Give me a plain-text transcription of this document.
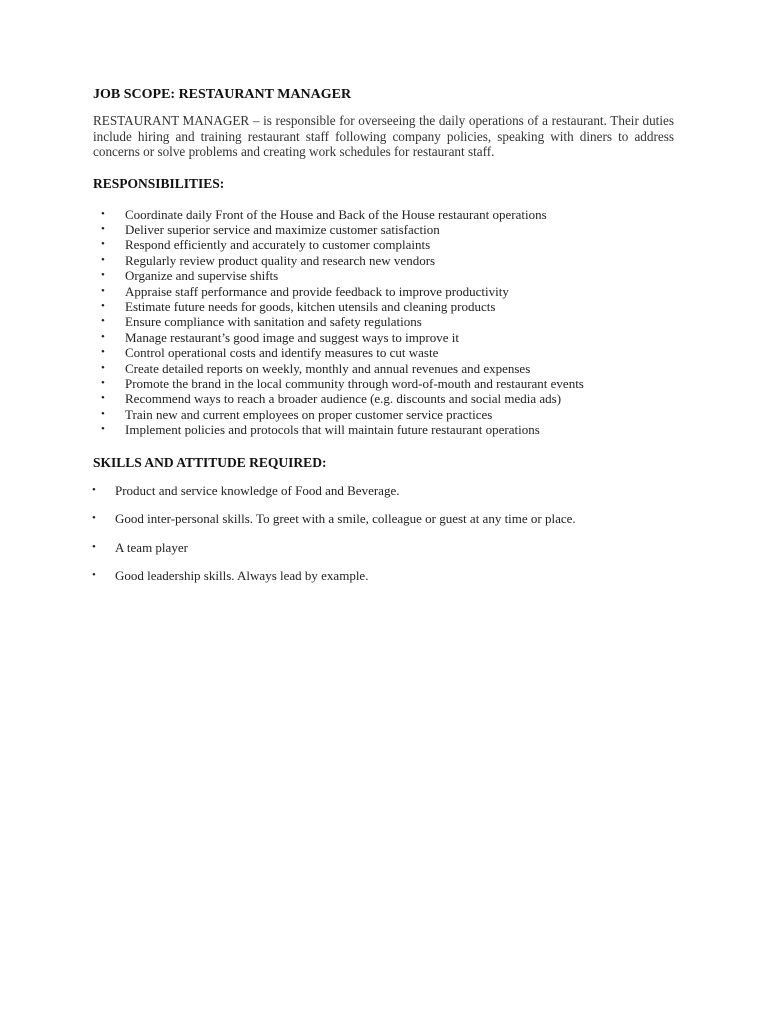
JOB SCOPE: RESTAURANT MANAGER

RESTAURANT MANAGER – is responsible for overseeing the daily operations of a restaurant. Their duties include hiring and training restaurant staff following company policies, speaking with diners to address concerns or solve problems and creating work schedules for restaurant staff.

RESPONSIBILITIES:
• Coordinate daily Front of the House and Back of the House restaurant operations
• Deliver superior service and maximize customer satisfaction
• Respond efficiently and accurately to customer complaints
• Regularly review product quality and research new vendors
• Organize and supervise shifts
• Appraise staff performance and provide feedback to improve productivity
• Estimate future needs for goods, kitchen utensils and cleaning products
• Ensure compliance with sanitation and safety regulations
• Manage restaurant’s good image and suggest ways to improve it
• Control operational costs and identify measures to cut waste
• Create detailed reports on weekly, monthly and annual revenues and expenses
• Promote the brand in the local community through word-of-mouth and restaurant events
• Recommend ways to reach a broader audience (e.g. discounts and social media ads)
• Train new and current employees on proper customer service practices
• Implement policies and protocols that will maintain future restaurant operations
SKILLS AND ATTITUDE REQUIRED:
• Product and service knowledge of Food and Beverage.
• Good inter-personal skills. To greet with a smile, colleague or guest at any time or place.
• A team player
• Good leadership skills. Always lead by example.
